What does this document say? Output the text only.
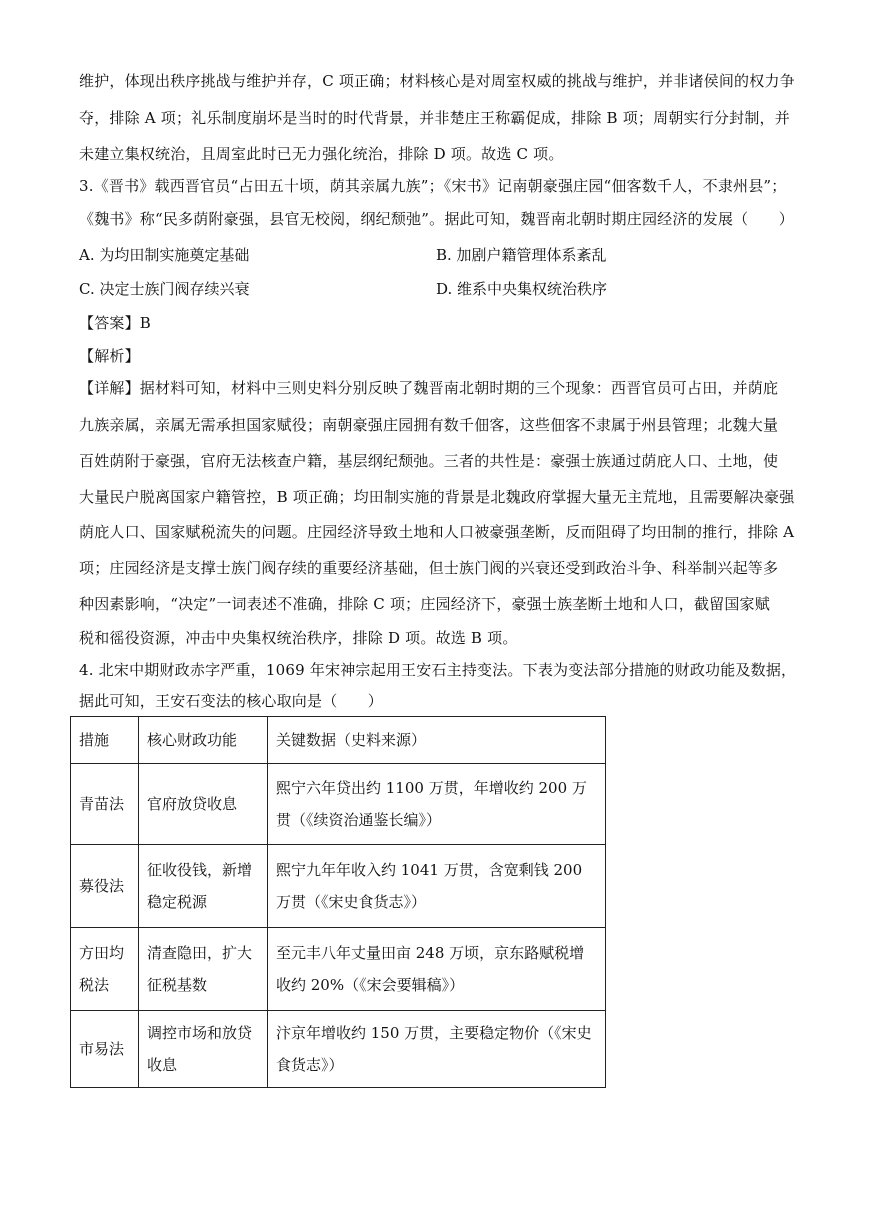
维护，体现出秩序挑战与维护并存，C 项正确；材料核心是对周室权威的挑战与维护，并非诸侯间的权力争
夺，排除 A 项；礼乐制度崩坏是当时的时代背景，并非楚庄王称霸促成，排除 B 项；周朝实行分封制，并
未建立集权统治，且周室此时已无力强化统治，排除 D 项。故选 C 项。
3.《晋书》载西晋官员“占田五十顷，荫其亲属九族”；《宋书》记南朝豪强庄园“佃客数千人，不隶州县”；
《魏书》称“民多荫附豪强，县官无校阅，纲纪颓弛”。据此可知，魏晋南北朝时期庄园经济的发展（　　）
A. 为均田制实施奠定基础	B. 加剧户籍管理体系紊乱
C. 决定士族门阀存续兴衰	D. 维系中央集权统治秩序
【答案】B
【解析】
【详解】据材料可知，材料中三则史料分别反映了魏晋南北朝时期的三个现象：西晋官员可占田，并荫庇
九族亲属，亲属无需承担国家赋役；南朝豪强庄园拥有数千佃客，这些佃客不隶属于州县管理；北魏大量
百姓荫附于豪强，官府无法核查户籍，基层纲纪颓弛。三者的共性是：豪强士族通过荫庇人口、土地，使
大量民户脱离国家户籍管控，B 项正确；均田制实施的背景是北魏政府掌握大量无主荒地，且需要解决豪强
荫庇人口、国家赋税流失的问题。庄园经济导致土地和人口被豪强垄断，反而阻碍了均田制的推行，排除 A
项；庄园经济是支撑士族门阀存续的重要经济基础，但士族门阀的兴衰还受到政治斗争、科举制兴起等多
种因素影响，“决定”一词表述不准确，排除 C 项；庄园经济下，豪强士族垄断土地和人口，截留国家赋
税和徭役资源，冲击中央集权统治秩序，排除 D 项。故选 B 项。
4. 北宋中期财政赤字严重，1069 年宋神宗起用王安石主持变法。下表为变法部分措施的财政功能及数据，
据此可知，王安石变法的核心取向是（　　）
措施	核心财政功能	关键数据（史料来源）
青苗法	官府放贷收息	熙宁六年贷出约 1100 万贯，年增收约 200 万贯（《续资治通鉴长编》）
募役法	征收役钱，新增稳定税源	熙宁九年年收入约 1041 万贯，含宽剩钱 200 万贯（《宋史食货志》）
方田均税法	清查隐田，扩大征税基数	至元丰八年丈量田亩 248 万顷，京东路赋税增收约 20%（《宋会要辑稿》）
市易法	调控市场和放贷收息	汴京年增收约 150 万贯，主要稳定物价（《宋史食货志》）
